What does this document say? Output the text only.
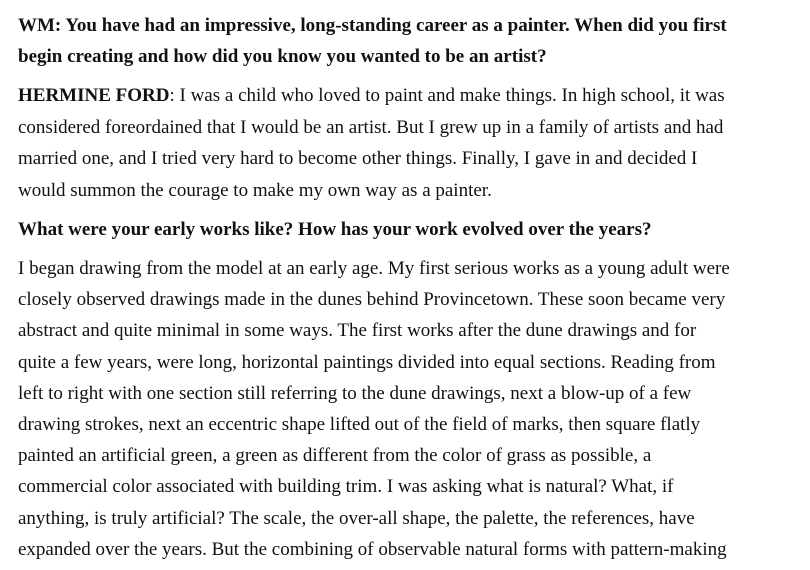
WM: You have had an impressive, long-standing career as a painter. When did you first
begin creating and how did you know you wanted to be an artist?

HERMINE FORD: I was a child who loved to paint and make things. In high school, it was
considered foreordained that I would be an artist. But I grew up in a family of artists and had
married one, and I tried very hard to become other things. Finally, I gave in and decided I
would summon the courage to make my own way as a painter.

What were your early works like? How has your work evolved over the years?

I began drawing from the model at an early age. My first serious works as a young adult were
closely observed drawings made in the dunes behind Provincetown. These soon became very
abstract and quite minimal in some ways. The first works after the dune drawings and for
quite a few years, were long, horizontal paintings divided into equal sections. Reading from
left to right with one section still referring to the dune drawings, next a blow-up of a few
drawing strokes, next an eccentric shape lifted out of the field of marks, then square flatly
painted an artificial green, a green as different from the color of grass as possible, a
commercial color associated with building trim. I was asking what is natural? What, if
anything, is truly artificial? The scale, the over-all shape, the palette, the references, have
expanded over the years. But the combining of observable natural forms with pattern-making
